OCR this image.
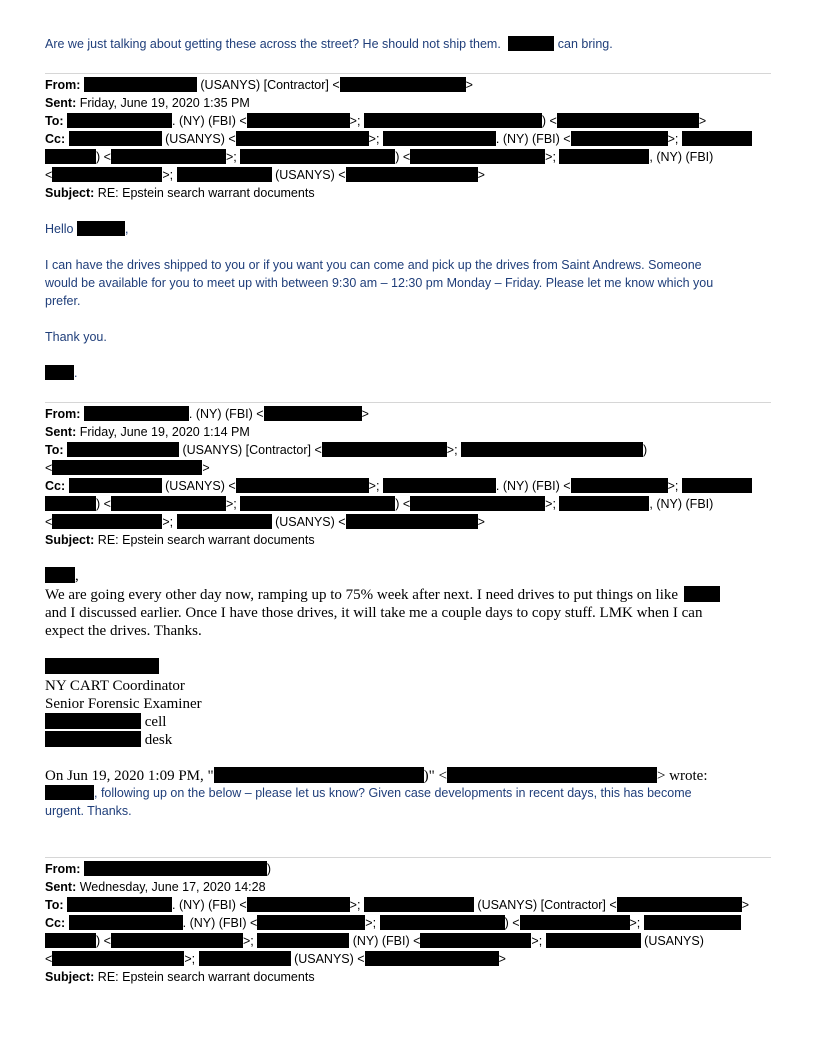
Are we just talking about getting these across the street? He should not ship them.	can bring.
From:	(USANYS) [Contractor] <	>
Sent: Friday, June 19, 2020 1:35 PM
To:	. (NY) (FBI) <	>;	) <	>
Cc:	(USANYS) <	>;	. (NY) (FBI) <	>;
) <	>;	) <	>;	, (NY) (FBI)
<	>;	(USANYS) <	>
Subject: RE: Epstein search warrant documents
Hello	,
I can have the drives shipped to you or if you want you can come and pick up the drives from Saint Andrews. Someone
would be available for you to meet up with between 9:30 am – 12:30 pm Monday – Friday. Please let me know which you
prefer.
Thank you.
.
From:	. (NY) (FBI) <	>
Sent: Friday, June 19, 2020 1:14 PM
To:	(USANYS) [Contractor] <	>;	)
<	>
Cc:	(USANYS) <	>;	. (NY) (FBI) <	>;
) <	>;	) <	>;	, (NY) (FBI)
<	>;	(USANYS) <	>
Subject: RE: Epstein search warrant documents
,
We are going every other day now, ramping up to 75% week after next. I need drives to put things on like
and I discussed earlier. Once I have those drives, it will take me a couple days to copy stuff. LMK when I can
expect the drives. Thanks.
NY CART Coordinator
Senior Forensic Examiner
cell
desk
On Jun 19, 2020 1:09 PM, "	)" <	> wrote:
, following up on the below – please let us know? Given case developments in recent days, this has become
urgent. Thanks.
From:	)
Sent: Wednesday, June 17, 2020 14:28
To:	. (NY) (FBI) <	>;	(USANYS) [Contractor] <	>
Cc:	. (NY) (FBI) <	>;	) <	>;
) <	>;	(NY) (FBI) <	>;	(USANYS)
<	>;	(USANYS) <	>
Subject: RE: Epstein search warrant documents
